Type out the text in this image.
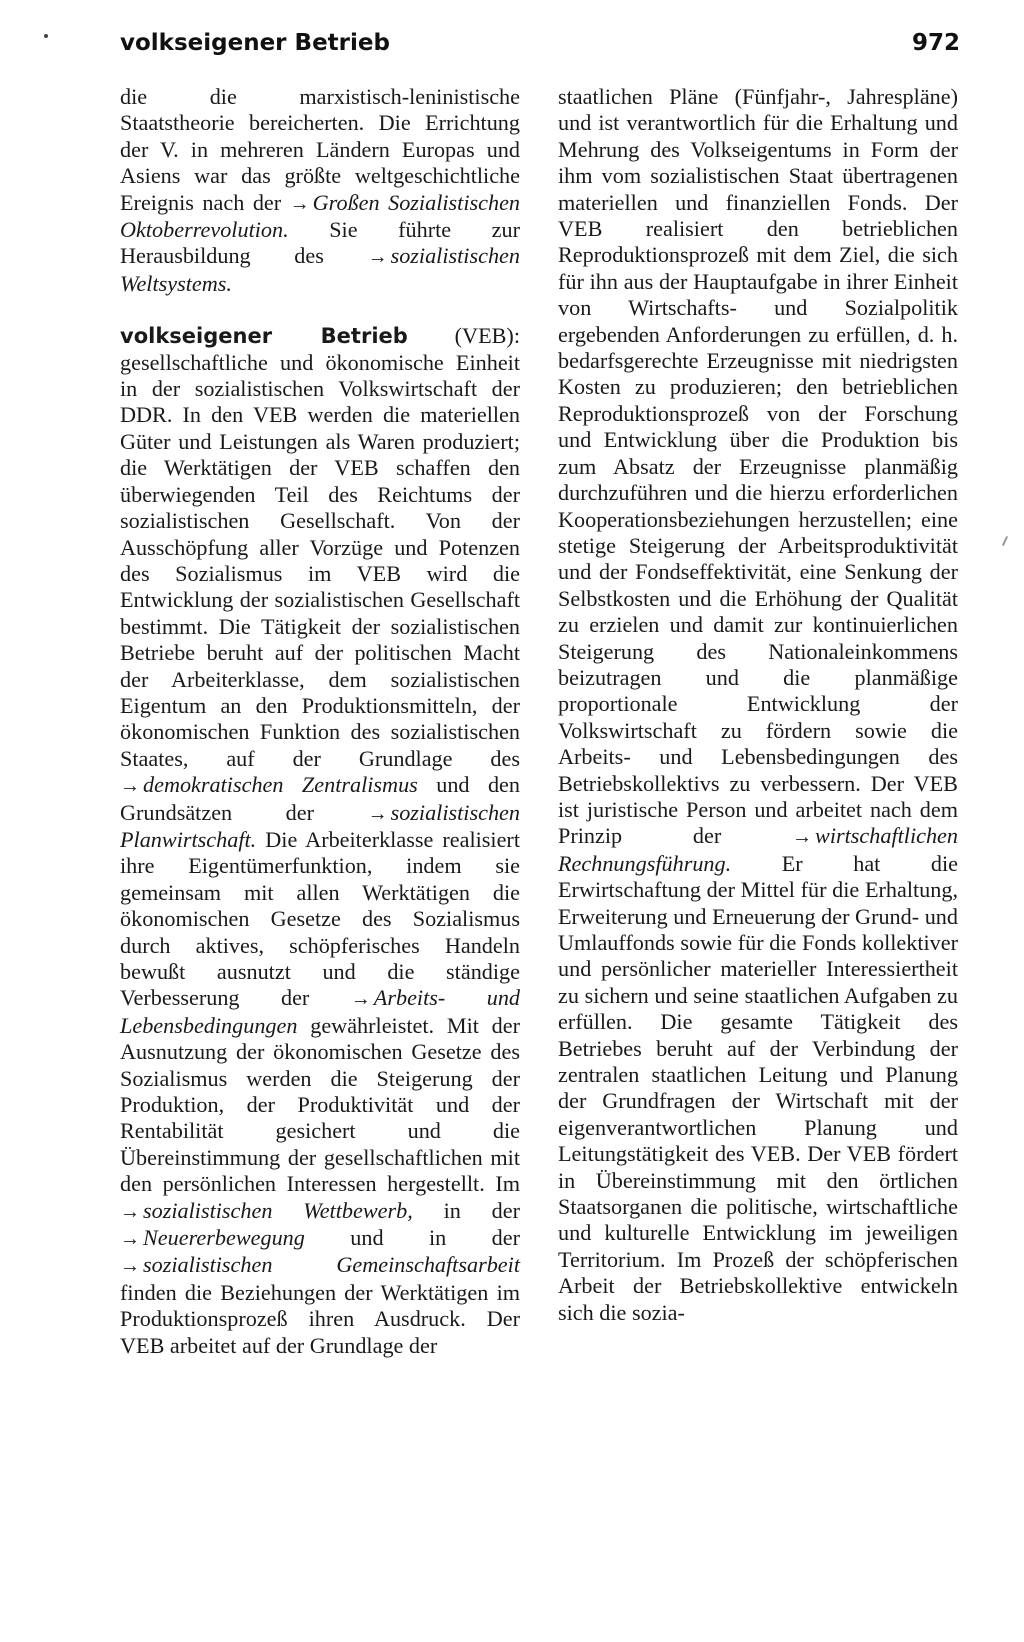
volkseigener Betrieb	972

die die marxistisch-leninistische Staatstheorie bereicherten. Die Errichtung der V. in mehreren Ländern Europas und Asiens war das größte weltgeschichtliche Ereignis nach der → Großen Sozialistischen Oktoberrevolution. Sie führte zur Herausbildung des → sozialistischen Weltsystems.

volkseigener Betrieb (VEB): gesellschaftliche und ökonomische Einheit in der sozialistischen Volkswirtschaft der DDR. In den VEB werden die materiellen Güter und Leistungen als Waren produziert; die Werktätigen der VEB schaffen den überwiegenden Teil des Reichtums der sozialistischen Gesellschaft. Von der Ausschöpfung aller Vorzüge und Potenzen des Sozialismus im VEB wird die Entwicklung der sozialistischen Gesellschaft bestimmt. Die Tätigkeit der sozialistischen Betriebe beruht auf der politischen Macht der Arbeiterklasse, dem sozialistischen Eigentum an den Produktionsmitteln, der ökonomischen Funktion des sozialistischen Staates, auf der Grundlage des → demokratischen Zentralismus und den Grundsätzen der → sozialistischen Planwirtschaft. Die Arbeiterklasse realisiert ihre Eigentümerfunktion, indem sie gemeinsam mit allen Werktätigen die ökonomischen Gesetze des Sozialismus durch aktives, schöpferisches Handeln bewußt ausnutzt und die ständige Verbesserung der → Arbeits- und Lebensbedingungen gewährleistet. Mit der Ausnutzung der ökonomischen Gesetze des Sozialismus werden die Steigerung der Produktion, der Produktivität und der Rentabilität gesichert und die Übereinstimmung der gesellschaftlichen mit den persönlichen Interessen hergestellt. Im → sozialistischen Wettbewerb, in der → Neuererbewegung und in der → sozialistischen Gemeinschaftsarbeit finden die Beziehungen der Werktätigen im Produktionsprozeß ihren Ausdruck. Der VEB arbeitet auf der Grundlage der

staatlichen Pläne (Fünfjahr-, Jahrespläne) und ist verantwortlich für die Erhaltung und Mehrung des Volkseigentums in Form der ihm vom sozialistischen Staat übertragenen materiellen und finanziellen Fonds. Der VEB realisiert den betrieblichen Reproduktionsprozeß mit dem Ziel, die sich für ihn aus der Hauptaufgabe in ihrer Einheit von Wirtschafts- und Sozialpolitik ergebenden Anforderungen zu erfüllen, d. h. bedarfsgerechte Erzeugnisse mit niedrigsten Kosten zu produzieren; den betrieblichen Reproduktionsprozeß von der Forschung und Entwicklung über die Produktion bis zum Absatz der Erzeugnisse planmäßig durchzuführen und die hierzu erforderlichen Kooperationsbeziehungen herzustellen; eine stetige Steigerung der Arbeitsproduktivität und der Fondseffektivität, eine Senkung der Selbstkosten und die Erhöhung der Qualität zu erzielen und damit zur kontinuierlichen Steigerung des Nationaleinkommens beizutragen und die planmäßige proportionale Entwicklung der Volkswirtschaft zu fördern sowie die Arbeits- und Lebensbedingungen des Betriebskollektivs zu verbessern. Der VEB ist juristische Person und arbeitet nach dem Prinzip der → wirtschaftlichen Rechnungsführung. Er hat die Erwirtschaftung der Mittel für die Erhaltung, Erweiterung und Erneuerung der Grund- und Umlauffonds sowie für die Fonds kollektiver und persönlicher materieller Interessiertheit zu sichern und seine staatlichen Aufgaben zu erfüllen. Die gesamte Tätigkeit des Betriebes beruht auf der Verbindung der zentralen staatlichen Leitung und Planung der Grundfragen der Wirtschaft mit der eigenverantwortlichen Planung und Leitungstätigkeit des VEB. Der VEB fördert in Übereinstimmung mit den örtlichen Staatsorganen die politische, wirtschaftliche und kulturelle Entwicklung im jeweiligen Territorium. Im Prozeß der schöpferischen Arbeit der Betriebskollektive entwickeln sich die sozia-
